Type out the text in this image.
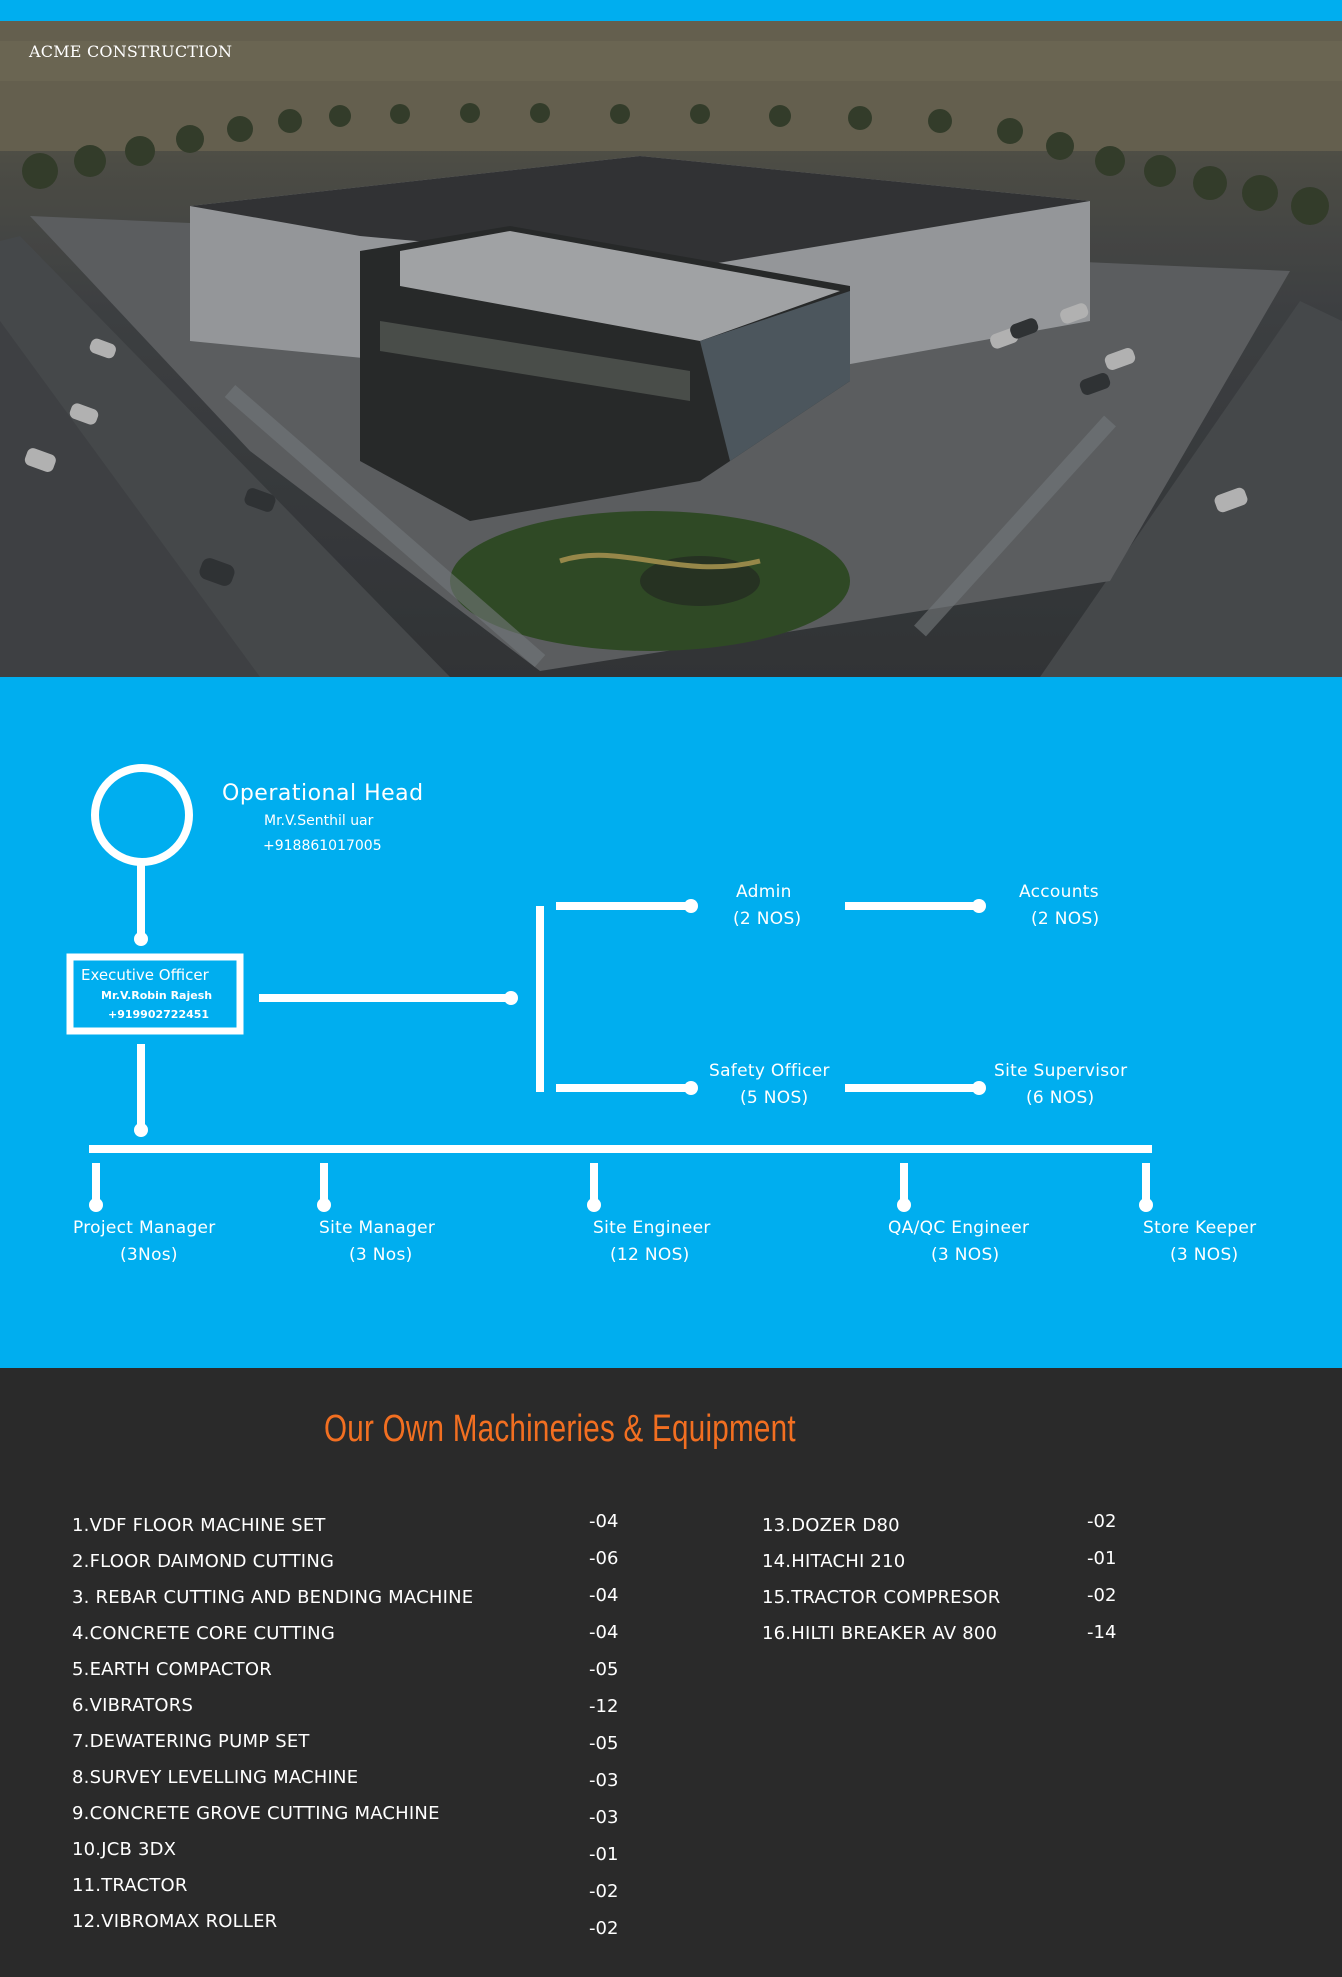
ACME CONSTRUCTION
Operational Head
Mr.V.Senthil uar
+918861017005
Executive Officer
Mr.V.Robin Rajesh
+919902722451
Admin
(2 NOS)
Accounts
(2 NOS)
Safety Officer
(5 NOS)
Site Supervisor
(6 NOS)
Project Manager
(3Nos)
Site Manager
(3 Nos)
Site Engineer
(12 NOS)
QA/QC Engineer
(3 NOS)
Store Keeper
(3 NOS)
Our Own Machineries & Equipment
1.VDF FLOOR MACHINE SET	-04
2.FLOOR DAIMOND CUTTING	-06
3. REBAR CUTTING AND BENDING MACHINE	-04
4.CONCRETE CORE CUTTING	-04
5.EARTH COMPACTOR	-05
6.VIBRATORS	-12
7.DEWATERING PUMP SET	-05
8.SURVEY LEVELLING MACHINE	-03
9.CONCRETE GROVE CUTTING MACHINE	-03
10.JCB 3DX	-01
11.TRACTOR	-02
12.VIBROMAX ROLLER	-02
13.DOZER D80	-02
14.HITACHI 210	-01
15.TRACTOR COMPRESOR	-02
16.HILTI BREAKER AV 800	-14
